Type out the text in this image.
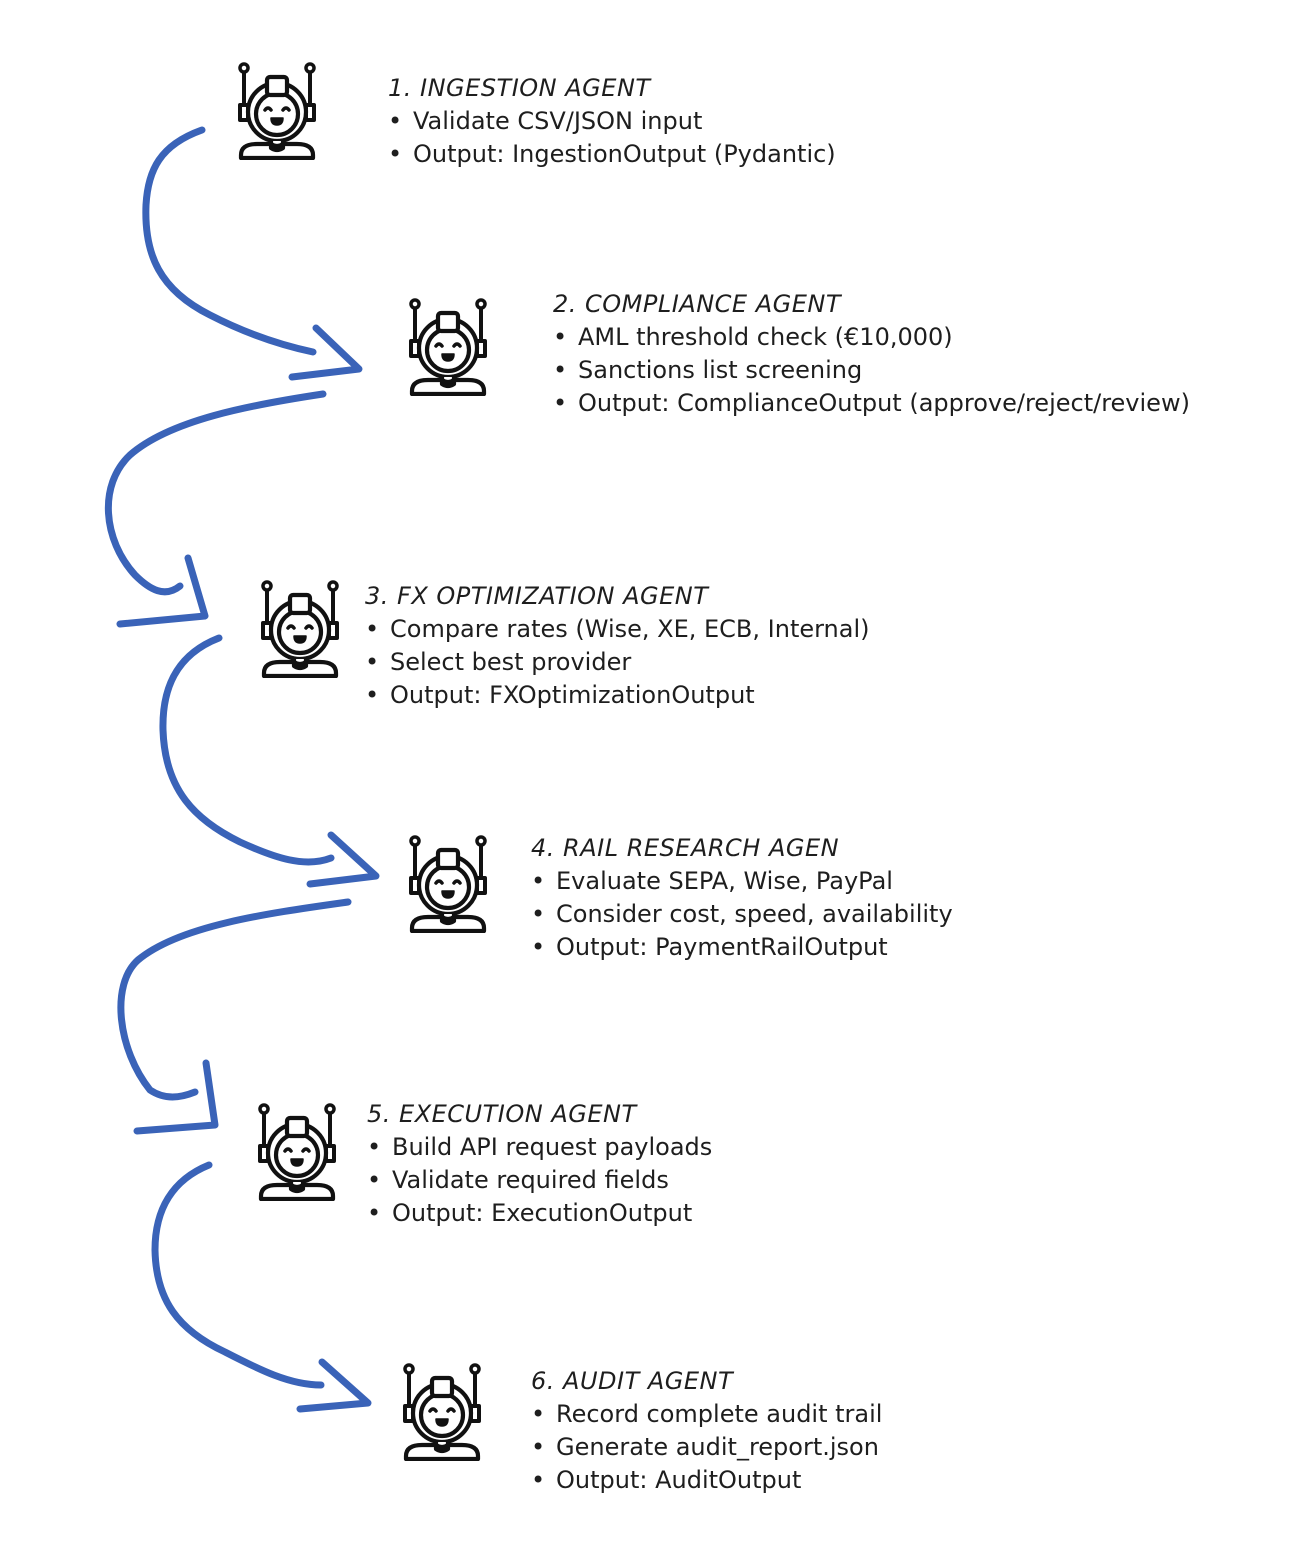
1. INGESTION AGENT
• Validate CSV/JSON input
• Output: IngestionOutput (Pydantic)
2. COMPLIANCE AGENT
• AML threshold check (€10,000)
• Sanctions list screening
• Output: ComplianceOutput (approve/reject/review)
3. FX OPTIMIZATION AGENT
• Compare rates (Wise, XE, ECB, Internal)
• Select best provider
• Output: FXOptimizationOutput
4. RAIL RESEARCH AGEN
• Evaluate SEPA, Wise, PayPal
• Consider cost, speed, availability
• Output: PaymentRailOutput
5. EXECUTION AGENT
• Build API request payloads
• Validate required fields
• Output: ExecutionOutput
6. AUDIT AGENT
• Record complete audit trail
• Generate audit_report.json
• Output: AuditOutput
